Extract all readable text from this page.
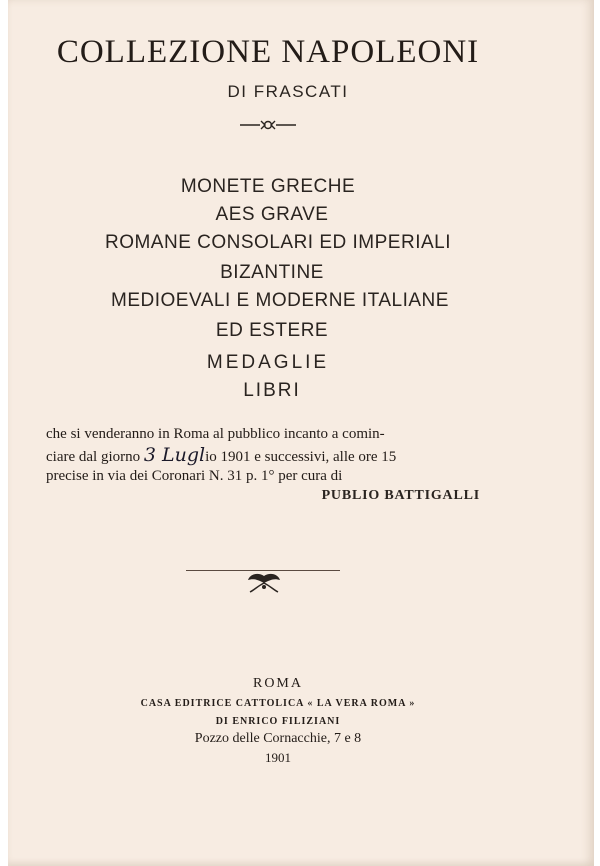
COLLEZIONE NAPOLEONI
DI FRASCATI
MONETE GRECHE
AES GRAVE
ROMANE CONSOLARI ED IMPERIALI
BIZANTINE
MEDIOEVALI E MODERNE ITALIANE
ED ESTERE
MEDAGLIE
LIBRI
che si venderanno in Roma al pubblico incanto a comin-
ciare dal giorno 3 Luglio 1901 e successivi, alle ore 15
precise in via dei Coronari N. 31 p. 1° per cura di
PUBLIO BATTIGALLI
ROMA
CASA EDITRICE CATTOLICA « LA VERA ROMA »
DI ENRICO FILIZIANI
Pozzo delle Cornacchie, 7 e 8
1901
